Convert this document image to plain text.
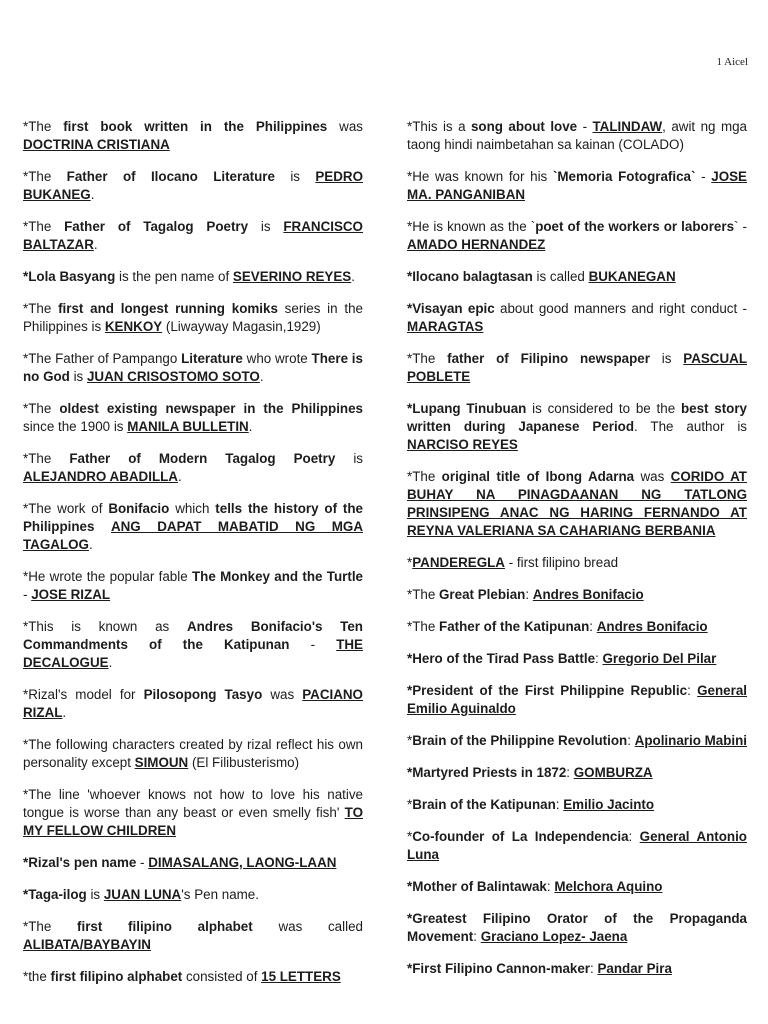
1 Aicel

*The first book written in the Philippines was DOCTRINA CRISTIANA

*The Father of Ilocano Literature is PEDRO BUKANEG.

*The Father of Tagalog Poetry is FRANCISCO BALTAZAR.

*Lola Basyang is the pen name of SEVERINO REYES.

*The first and longest running komiks series in the Philippines is KENKOY (Liwayway Magasin,1929)

*The Father of Pampango Literature who wrote There is no God is JUAN CRISOSTOMO SOTO.

*The oldest existing newspaper in the Philippines since the 1900 is MANILA BULLETIN.

*The Father of Modern Tagalog Poetry is ALEJANDRO ABADILLA.

*The work of Bonifacio which tells the history of the Philippines ANG DAPAT MABATID NG MGA TAGALOG.

*He wrote the popular fable The Monkey and the Turtle - JOSE RIZAL

*This is known as Andres Bonifacio's Ten Commandments of the Katipunan - THE DECALOGUE.

*Rizal's model for Pilosopong Tasyo was PACIANO RIZAL.

*The following characters created by rizal reflect his own personality except SIMOUN (El Filibusterismo)

*The line 'whoever knows not how to love his native tongue is worse than any beast or even smelly fish' TO MY FELLOW CHILDREN

*Rizal's pen name - DIMASALANG, LAONG-LAAN

*Taga-ilog is JUAN LUNA's Pen name.

*The first filipino alphabet was called ALIBATA/BAYBAYIN

*the first filipino alphabet consisted of 15 LETTERS

*This is a song about love - TALINDAW, awit ng mga taong hindi naimbetahan sa kainan (COLADO)

*He was known for his `Memoria Fotografica` - JOSE MA. PANGANIBAN

*He is known as the `poet of the workers or laborers` - AMADO HERNANDEZ

*Ilocano balagtasan is called BUKANEGAN

*Visayan epic about good manners and right conduct - MARAGTAS

*The father of Filipino newspaper is PASCUAL POBLETE

*Lupang Tinubuan is considered to be the best story written during Japanese Period. The author is NARCISO REYES

*The original title of Ibong Adarna was CORIDO AT BUHAY NA PINAGDAANAN NG TATLONG PRINSIPENG ANAC NG HARING FERNANDO AT REYNA VALERIANA SA CAHARIANG BERBANIA

*PANDEREGLA - first filipino bread

*The Great Plebian: Andres Bonifacio

*The Father of the Katipunan: Andres Bonifacio

*Hero of the Tirad Pass Battle: Gregorio Del Pilar

*President of the First Philippine Republic: General Emilio Aguinaldo

*Brain of the Philippine Revolution: Apolinario Mabini

*Martyred Priests in 1872: GOMBURZA

*Brain of the Katipunan: Emilio Jacinto

*Co-founder of La Independencia: General Antonio Luna

*Mother of Balintawak: Melchora Aquino

*Greatest Filipino Orator of the Propaganda Movement: Graciano Lopez- Jaena

*First Filipino Cannon-maker: Pandar Pira
